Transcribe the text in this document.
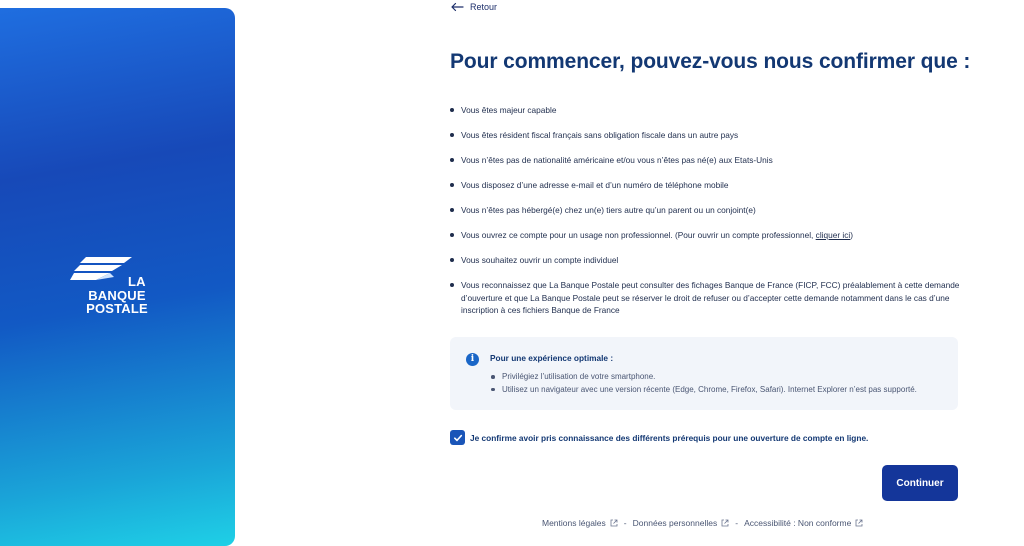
LA
BANQUE
POSTALE
Retour
Pour commencer, pouvez-vous nous confirmer que :
Vous êtes majeur capable
Vous êtes résident fiscal français sans obligation fiscale dans un autre pays
Vous n’êtes pas de nationalité américaine et/ou vous n’êtes pas né(e) aux Etats-Unis
Vous disposez d’une adresse e-mail et d’un numéro de téléphone mobile
Vous n’êtes pas hébergé(e) chez un(e) tiers autre qu’un parent ou un conjoint(e)
Vous ouvrez ce compte pour un usage non professionnel. (Pour ouvrir un compte professionnel, cliquer ici)
Vous souhaitez ouvrir un compte individuel
Vous reconnaissez que La Banque Postale peut consulter des fichages Banque de France (FICP, FCC) préalablement à cette demande d’ouverture et que La Banque Postale peut se réserver le droit de refuser ou d’accepter cette demande notamment dans le cas d’une inscription à ces fichiers Banque de France
i	Pour une expérience optimale :
Privilégiez l’utilisation de votre smartphone.
Utilisez un navigateur avec une version récente (Edge, Chrome, Firefox, Safari). Internet Explorer n’est pas supporté.
Je confirme avoir pris connaissance des différents prérequis pour une ouverture de compte en ligne.
Continuer
Mentions légales - Données personnelles - Accessibilité : Non conforme
